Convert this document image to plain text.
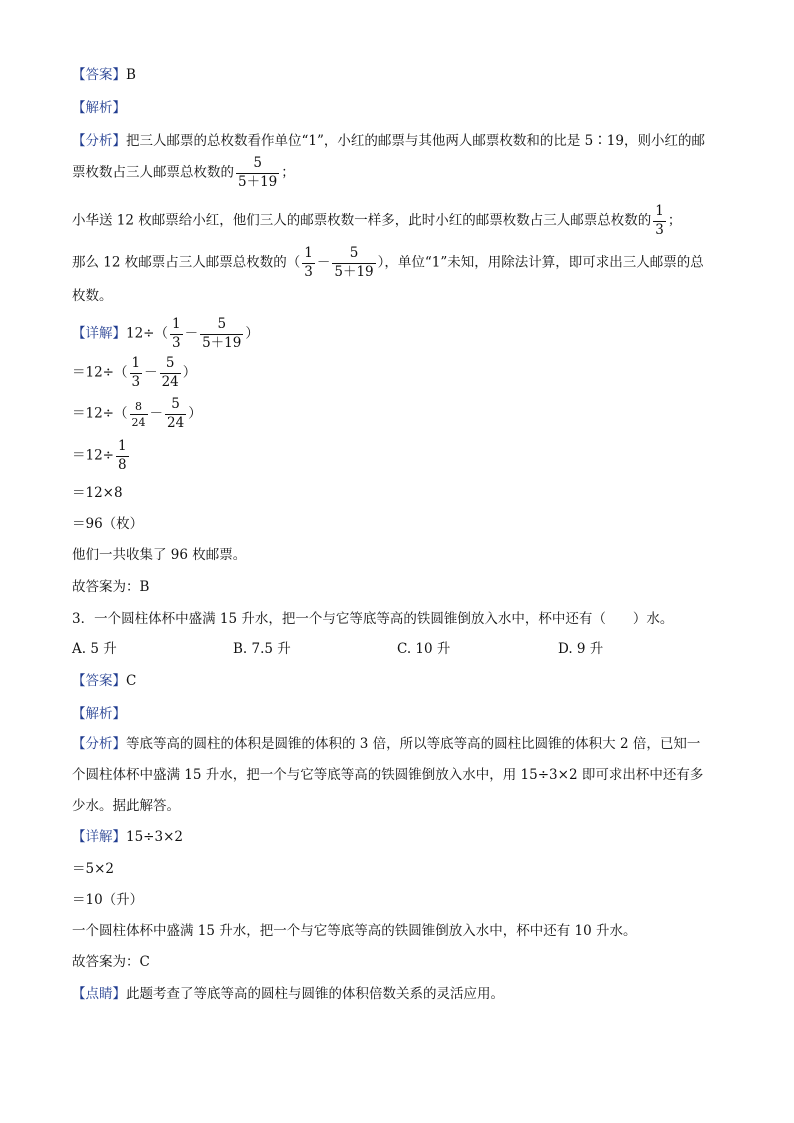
【答案】B
【解析】
【分析】把三人邮票的总枚数看作单位“1”，小红的邮票与其他两人邮票枚数和的比是 5∶19，则小红的邮
票枚数占三人邮票总枚数的 $\frac{5}{5+19}$ ；
小华送 12 枚邮票给小红，他们三人的邮票枚数一样多，此时小红的邮票枚数占三人邮票总枚数的 $\frac{1}{3}$ ；
那么 12 枚邮票占三人邮票总枚数的（ $\frac{1}{3} - \frac{5}{5+19}$ ），单位“1”未知，用除法计算，即可求出三人邮票的总
枚数。
【详解】$12\div( \frac{1}{3} - \frac{5}{5+19}$ ）
$=12\div( \frac{1}{3} - \frac{5}{24}$ ）
$=12\div( \frac{8}{24} - \frac{5}{24}$ ）
$=12\div \frac{1}{8}$
＝12×8
＝96（枚）
他们一共收集了 96 枚邮票。
故答案为：B
3．一个圆柱体杯中盛满 15 升水，把一个与它等底等高的铁圆锥倒放入水中，杯中还有（　　）水。
A. 5 升	B. 7.5 升	C. 10 升	D. 9 升
【答案】C
【解析】
【分析】等底等高的圆柱的体积是圆锥的体积的 3 倍，所以等底等高的圆柱比圆锥的体积大 2 倍，已知一
个圆柱体杯中盛满 15 升水，把一个与它等底等高的铁圆锥倒放入水中，用 15÷3×2 即可求出杯中还有多
少水。据此解答。
【详解】15÷3×2
＝5×2
＝10（升）
一个圆柱体杯中盛满 15 升水，把一个与它等底等高的铁圆锥倒放入水中，杯中还有 10 升水。
故答案为：C
【点睛】此题考查了等底等高的圆柱与圆锥的体积倍数关系的灵活应用。
